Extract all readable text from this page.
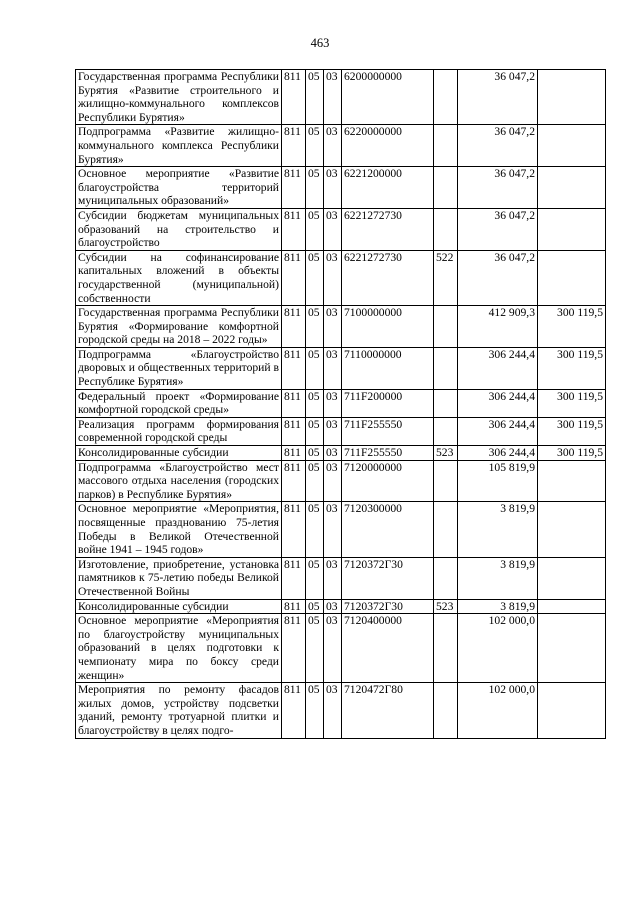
463
Государственная программа Республики Бурятия «Развитие строительного и жилищно-коммунального комплексов Республики Бурятия»	811	05	03	6200000000		36 047,2	
Подпрограмма «Развитие жилищно-коммунального комплекса Республики Бурятия»	811	05	03	6220000000		36 047,2	
Основное мероприятие «Развитие благоустройства территорий муниципальных образований»	811	05	03	6221200000		36 047,2	
Субсидии бюджетам муниципальных образований на строительство и благоустройство	811	05	03	6221272730		36 047,2	
Субсидии на софинансирование капитальных вложений в объекты государственной (муниципальной) собственности	811	05	03	6221272730	522	36 047,2	
Государственная программа Республики Бурятия «Формирование комфортной городской среды на 2018 – 2022 годы»	811	05	03	7100000000		412 909,3	300 119,5
Подпрограмма «Благоустройство дворовых и общественных территорий в Республике Бурятия»	811	05	03	7110000000		306 244,4	300 119,5
Федеральный проект «Формирование комфортной городской среды»	811	05	03	711F200000		306 244,4	300 119,5
Реализация программ формирования современной городской среды	811	05	03	711F255550		306 244,4	300 119,5
Консолидированные субсидии	811	05	03	711F255550	523	306 244,4	300 119,5
Подпрограмма «Благоустройство мест массового отдыха населения (городских парков) в Республике Бурятия»	811	05	03	7120000000		105 819,9	
Основное мероприятие «Мероприятия, посвященные празднованию 75-летия Победы в Великой Отечественной войне 1941 – 1945 годов»	811	05	03	7120300000		3 819,9	
Изготовление, приобретение, установка памятников к 75-летию победы Великой Отечественной Войны	811	05	03	7120372Г30		3 819,9	
Консолидированные субсидии	811	05	03	7120372Г30	523	3 819,9	
Основное мероприятие «Мероприятия по благоустройству муниципальных образований в целях подготовки к чемпионату мира по боксу среди женщин»	811	05	03	7120400000		102 000,0	
Мероприятия по ремонту фасадов жилых домов, устройству подсветки зданий, ремонту тротуарной плитки и благоустройству в целях подго-	811	05	03	7120472Г80		102 000,0	
